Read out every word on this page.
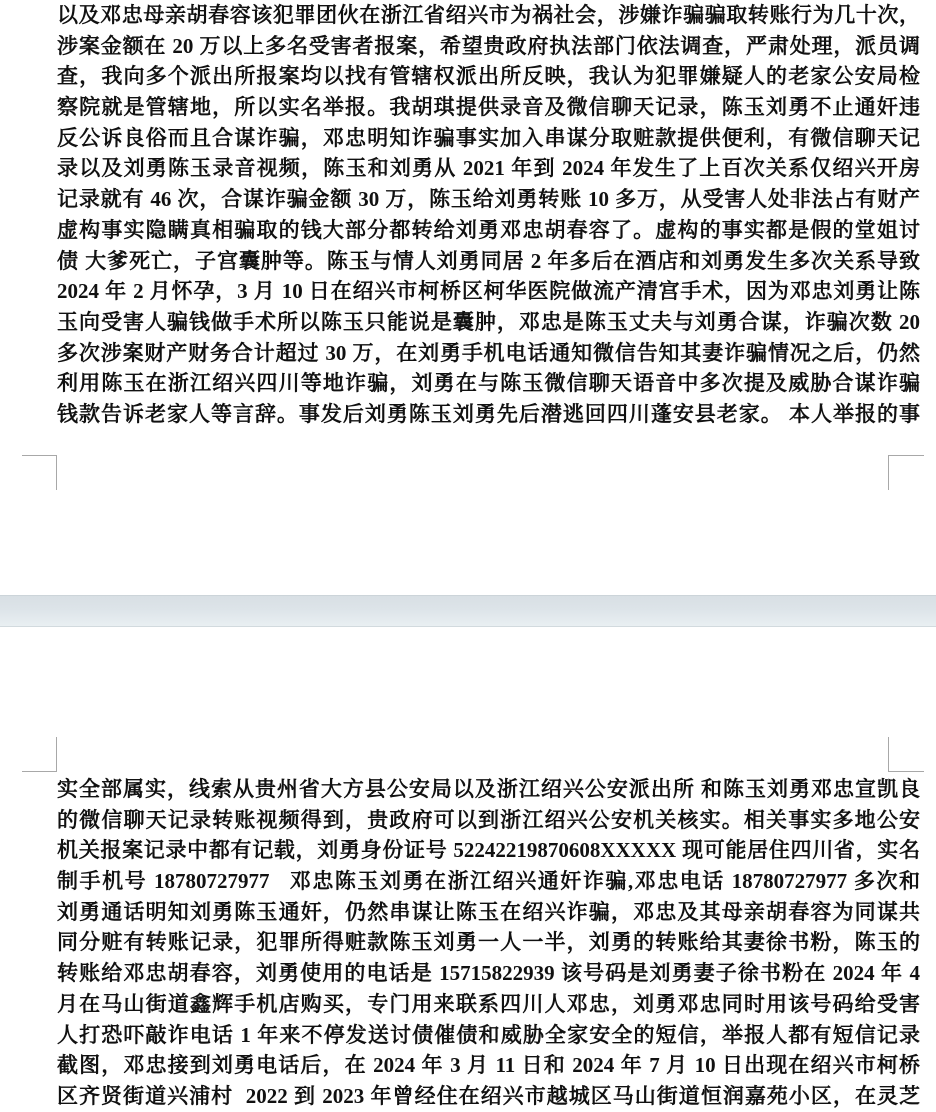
以及邓忠母亲胡春容该犯罪团伙在浙江省绍兴市为祸社会，涉嫌诈骗骗取转账行为几十次，
涉案金额在 20 万以上多名受害者报案，希望贵政府执法部门依法调查，严肃处理，派员调
查，我向多个派出所报案均以找有管辖权派出所反映，我认为犯罪嫌疑人的老家公安局检
察院就是管辖地，所以实名举报。我胡琪提供录音及微信聊天记录，陈玉刘勇不止通奸违
反公诉良俗而且合谋诈骗，邓忠明知诈骗事实加入串谋分取赃款提供便利，有微信聊天记
录以及刘勇陈玉录音视频，陈玉和刘勇从 2021 年到 2024 年发生了上百次关系仅绍兴开房
记录就有 46 次，合谋诈骗金额 30 万，陈玉给刘勇转账 10 多万，从受害人处非法占有财产
虚构事实隐瞒真相骗取的钱大部分都转给刘勇邓忠胡春容了。虚构的事实都是假的堂姐讨
债 大爹死亡，子宫囊肿等。陈玉与情人刘勇同居 2 年多后在酒店和刘勇发生多次关系导致
2024 年 2 月怀孕，3 月 10 日在绍兴市柯桥区柯华医院做流产清宫手术，因为邓忠刘勇让陈
玉向受害人骗钱做手术所以陈玉只能说是囊肿，邓忠是陈玉丈夫与刘勇合谋，诈骗次数 20
多次涉案财产财务合计超过 30 万，在刘勇手机电话通知微信告知其妻诈骗情况之后，仍然
利用陈玉在浙江绍兴四川等地诈骗，刘勇在与陈玉微信聊天语音中多次提及威胁合谋诈骗
钱款告诉老家人等言辞。事发后刘勇陈玉刘勇先后潜逃回四川蓬安县老家。 本人举报的事
实全部属实，线索从贵州省大方县公安局以及浙江绍兴公安派出所 和陈玉刘勇邓忠宣凯良
的微信聊天记录转账视频得到，贵政府可以到浙江绍兴公安机关核实。相关事实多地公安
机关报案记录中都有记载，刘勇身份证号 52242219870608XXXXX 现可能居住四川省，实名
制手机号 18780727977   邓忠陈玉刘勇在浙江绍兴通奸诈骗,邓忠电话 18780727977 多次和
刘勇通话明知刘勇陈玉通奸，仍然串谋让陈玉在绍兴诈骗，邓忠及其母亲胡春容为同谋共
同分赃有转账记录，犯罪所得赃款陈玉刘勇一人一半，刘勇的转账给其妻徐书粉，陈玉的
转账给邓忠胡春容，刘勇使用的电话是 15715822939 该号码是刘勇妻子徐书粉在 2024 年 4
月在马山街道鑫辉手机店购买，专门用来联系四川人邓忠，刘勇邓忠同时用该号码给受害
人打恐吓敲诈电话 1 年来不停发送讨债催债和威胁全家安全的短信，举报人都有短信记录
截图，邓忠接到刘勇电话后，在 2024 年 3 月 11 日和 2024 年 7 月 10 日出现在绍兴市柯桥
区齐贤街道兴浦村  2022 到 2023 年曾经住在绍兴市越城区马山街道恒润嘉苑小区，在灵芝
